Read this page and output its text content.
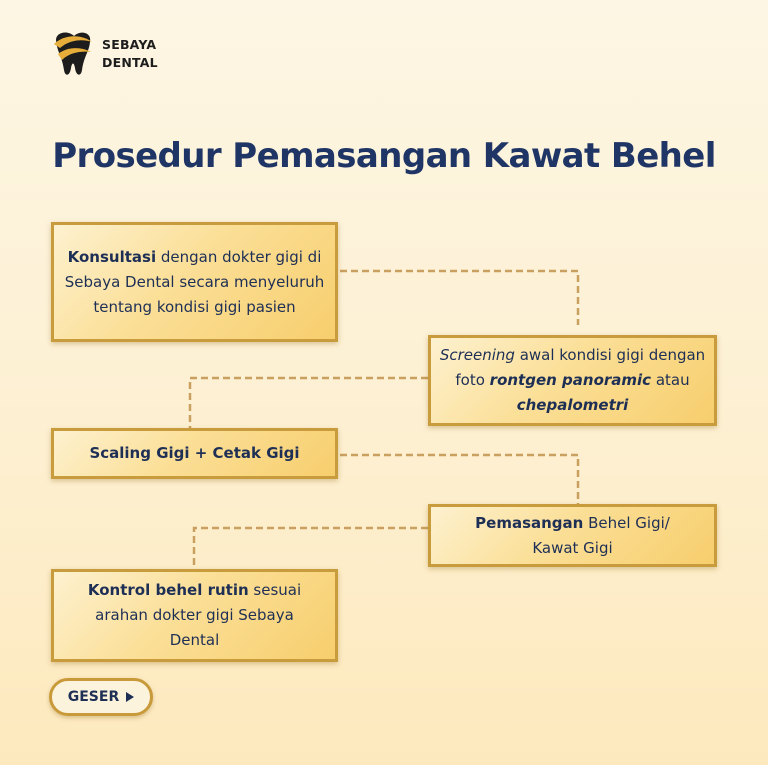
SEBAYA
DENTAL
Prosedur Pemasangan Kawat Behel
Konsultasi dengan dokter gigi di Sebaya Dental secara menyeluruh tentang kondisi gigi pasien
Screening awal kondisi gigi dengan foto rontgen panoramic atau chepalometri
Scaling Gigi + Cetak Gigi
Pemasangan Behel Gigi/ Kawat Gigi
Kontrol behel rutin sesuai arahan dokter gigi Sebaya Dental
GESER
